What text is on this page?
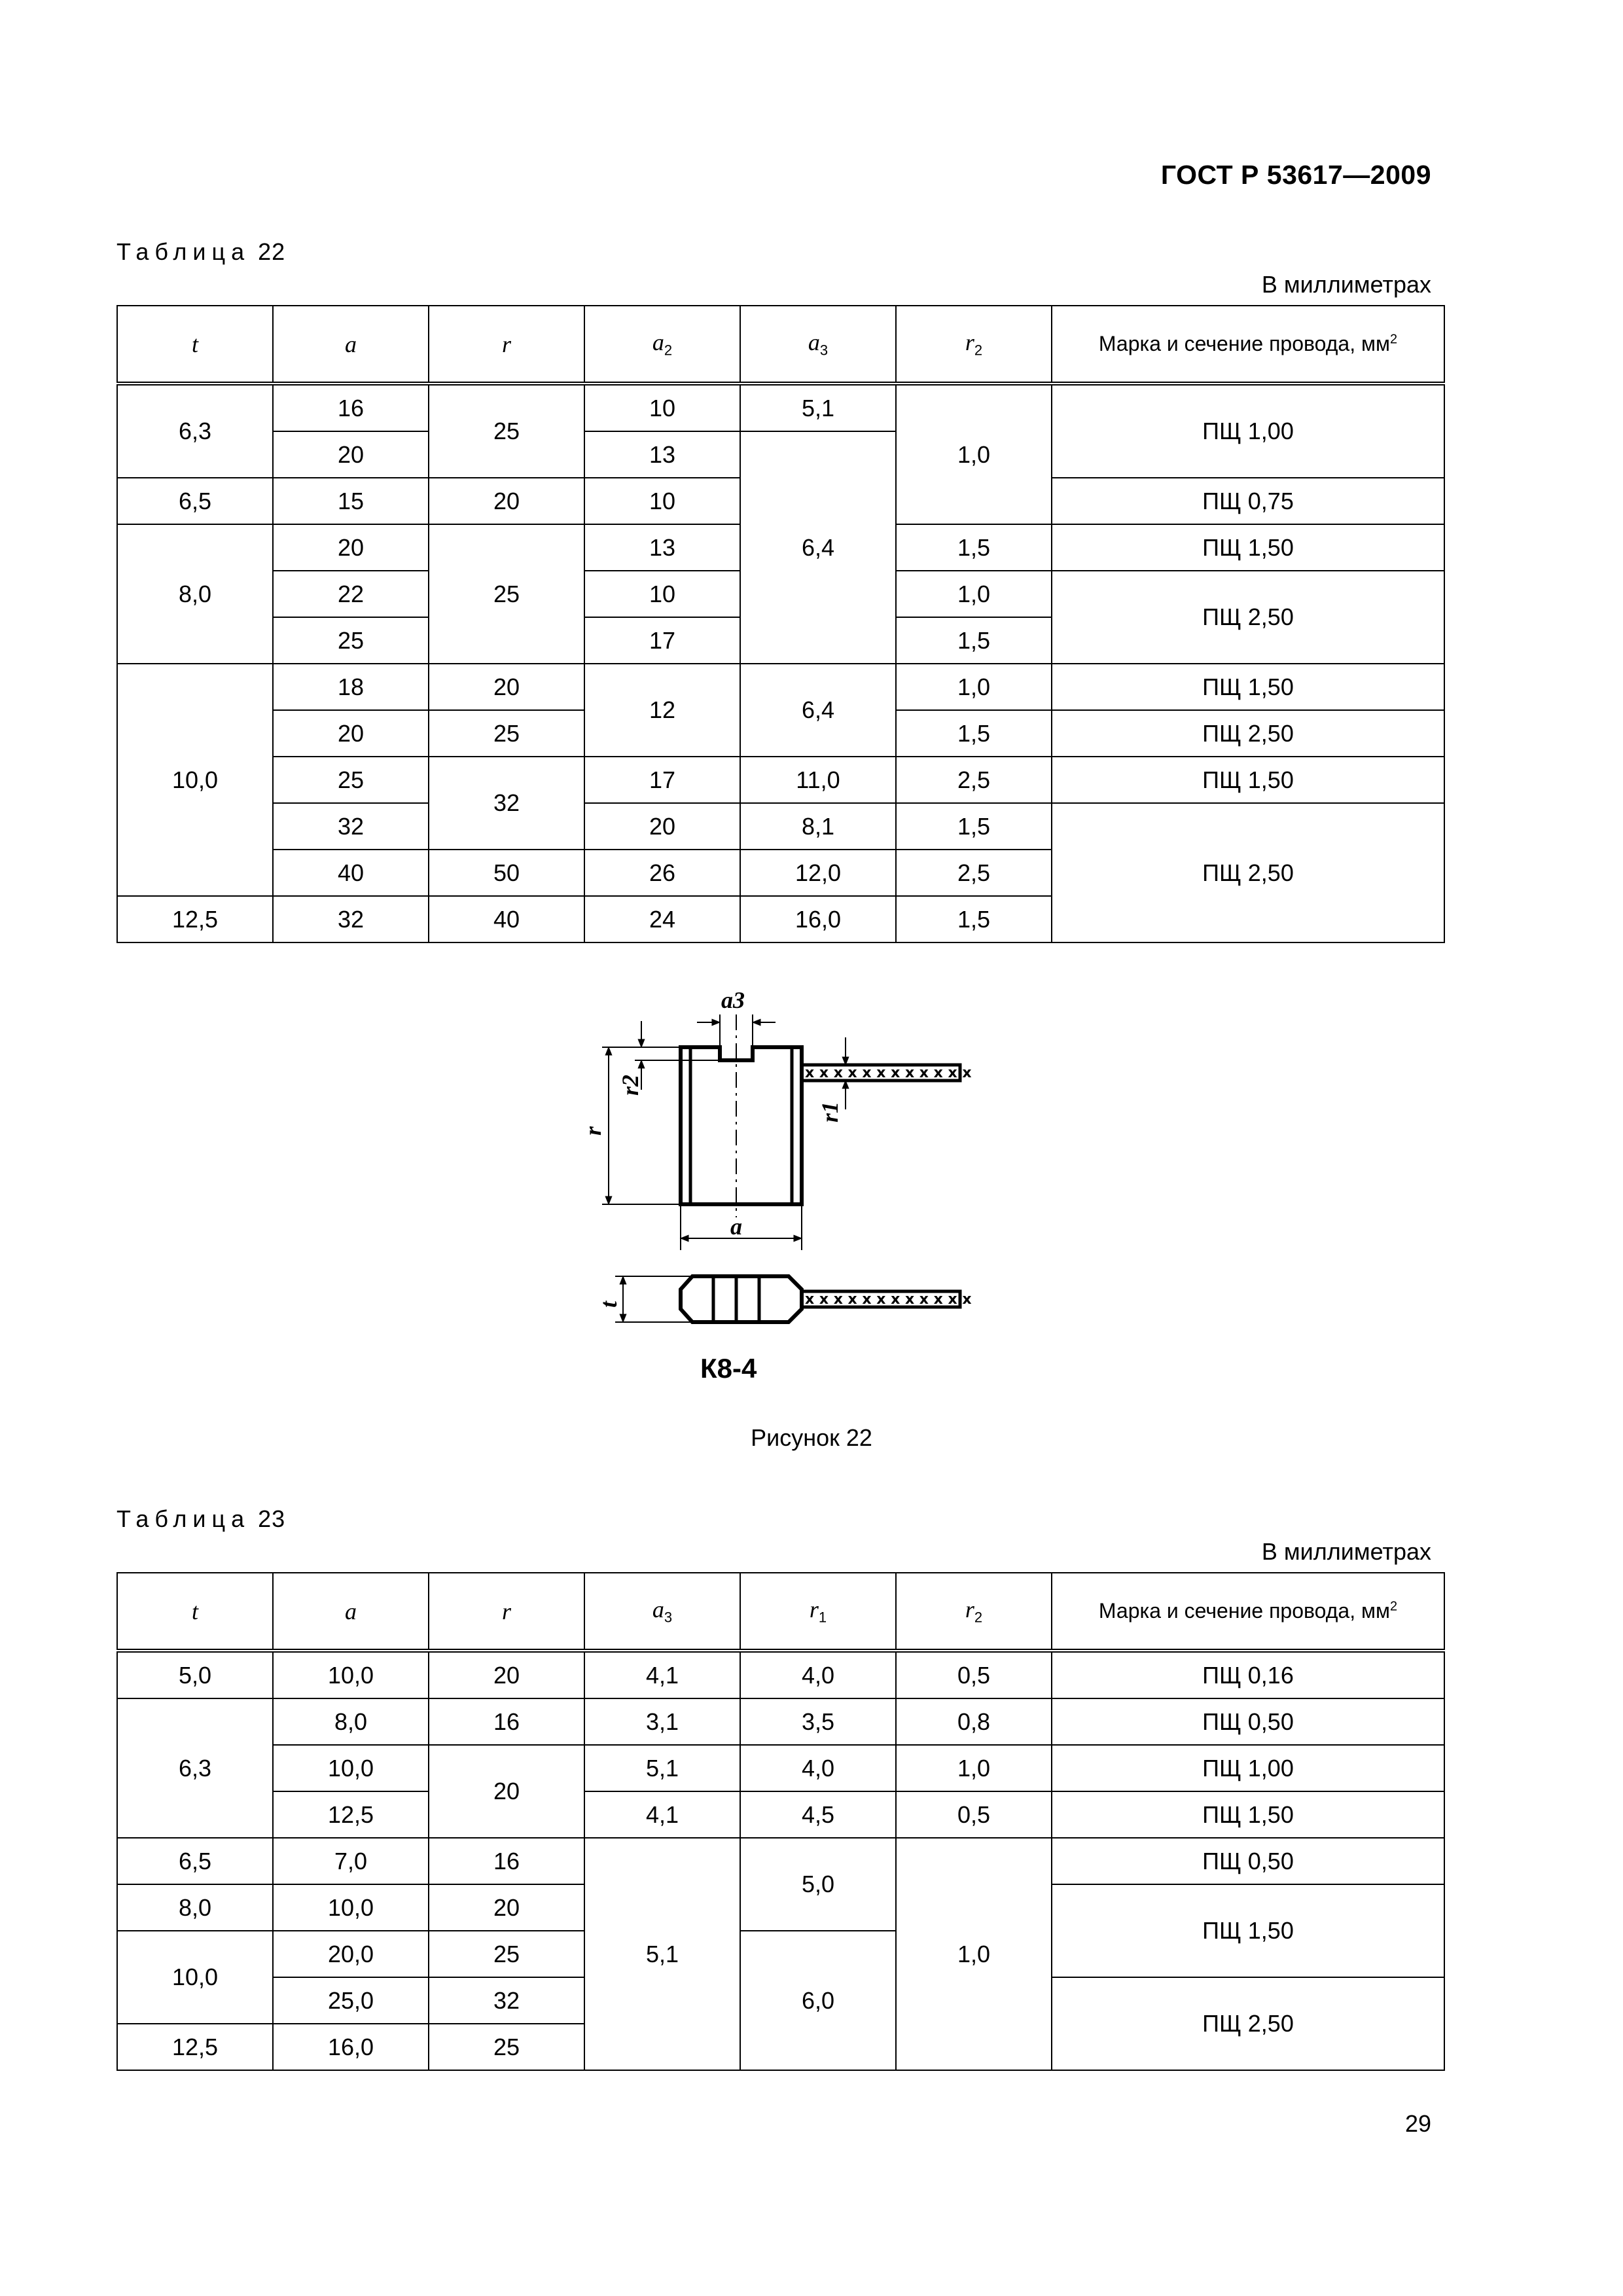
ГОСТ Р 53617—2009
Таблица 22
В миллиметрах
t	a	r	$a_2$	$a_3$	$r_2$	Марка и сечение провода, $мм^2$
6,3	16	25	10	5,1	1,0	ПЩ 1,00
	20		13	6,4		
6,5	15	20	10			ПЩ 0,75
8,0	20	25	13		1,5	ПЩ 1,50
	22		10		1,0	ПЩ 2,50
	25		17		1,5	
10,0	18	20	12	6,4	1,0	ПЩ 1,50
	20	25			1,5	ПЩ 2,50
	25	32	17	11,0	2,5	ПЩ 1,50
	32		20	8,1	1,5	ПЩ 2,50
	40	50	26	12,0	2,5	
12,5	32	40	24	16,0	1,5	
x x x x x x x x x x x x
a3
r2
r
r1
a
x x x x x x x x x x x x
t
К8-4
Рисунок 22
Таблица 23
В миллиметрах
t	a	r	$a_3$	$r_1$	$r_2$	Марка и сечение провода, $мм^2$
5,0	10,0	20	4,1	4,0	0,5	ПЩ 0,16
6,3	8,0	16	3,1	3,5	0,8	ПЩ 0,50
	10,0	20	5,1	4,0	1,0	ПЩ 1,00
	12,5		4,1	4,5	0,5	ПЩ 1,50
6,5	7,0	16	5,1	5,0	1,0	ПЩ 0,50
8,0	10,0	20				ПЩ 1,50
10,0	20,0	25		6,0		
	25,0	32				ПЩ 2,50
12,5	16,0	25				
29
